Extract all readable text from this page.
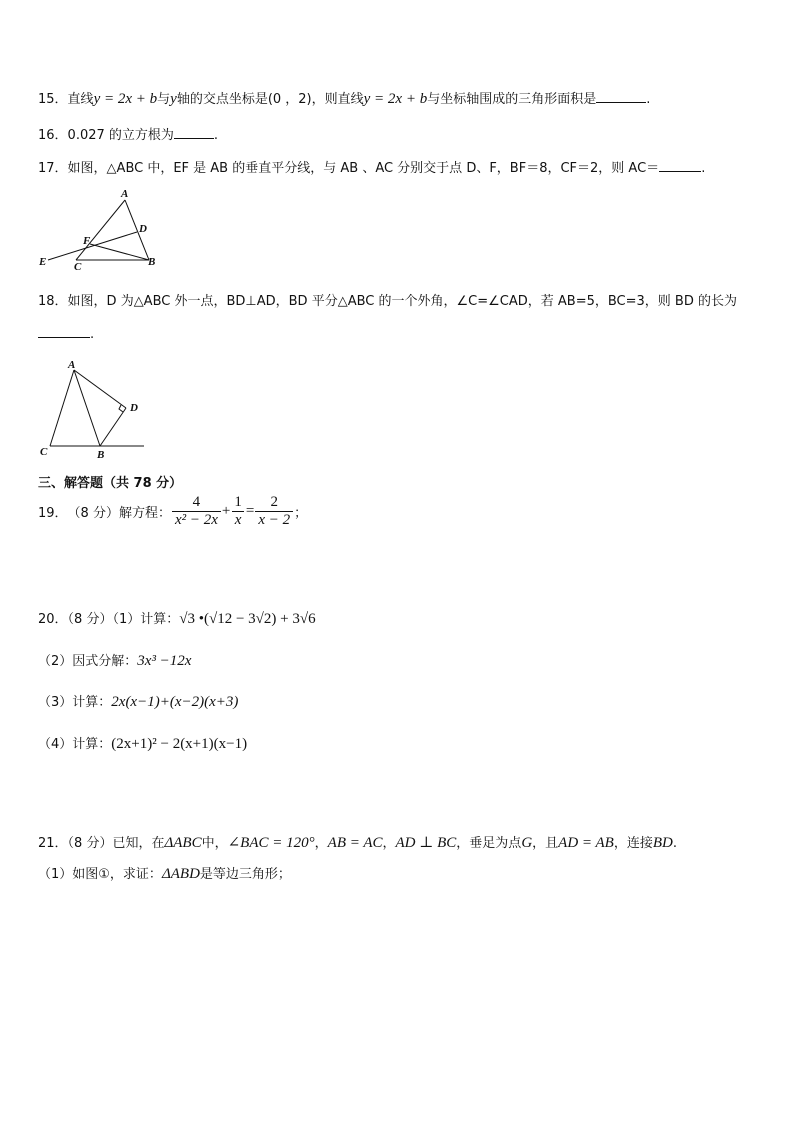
15．直线y = 2x + b与y轴的交点坐标是(0 ，2)，则直线y = 2x + b与坐标轴围成的三角形面积是	.
16．0.027 的立方根为	.
17．如图，△ABC 中，EF 是 AB 的垂直平分线，与 AB 、AC 分别交于点 D、F，BF＝8，CF＝2，则 AC＝	.
A
D
F
E	C	B
18．如图，D 为△ABC 外一点，BD⊥AD，BD 平分△ABC 的一个外角，∠C=∠CAD，若 AB=5，BC=3，则 BD 的长为
.
A
D
C	B
三、解答题（共 78 分）
19． （8 分）解方程： $\frac{4}{\text{x² − 2x}} + \frac{1}{x} = \frac{2}{x - 2}$ ；
20．（8 分）（1）计算：√3 •(√12 − 3√2) + 3√6
（2）因式分解：3x³ −12x
（3）计算：2x(x−1)+(x−2)(x+3)
（4）计算：(2x+1)² − 2(x+1)(x−1)
21．（8 分）已知，在ΔABC中，∠BAC = 120°，AB = AC，AD ⊥ BC，垂足为点G，且AD = AB，连接BD.
（1）如图①，求证：ΔABD是等边三角形；
